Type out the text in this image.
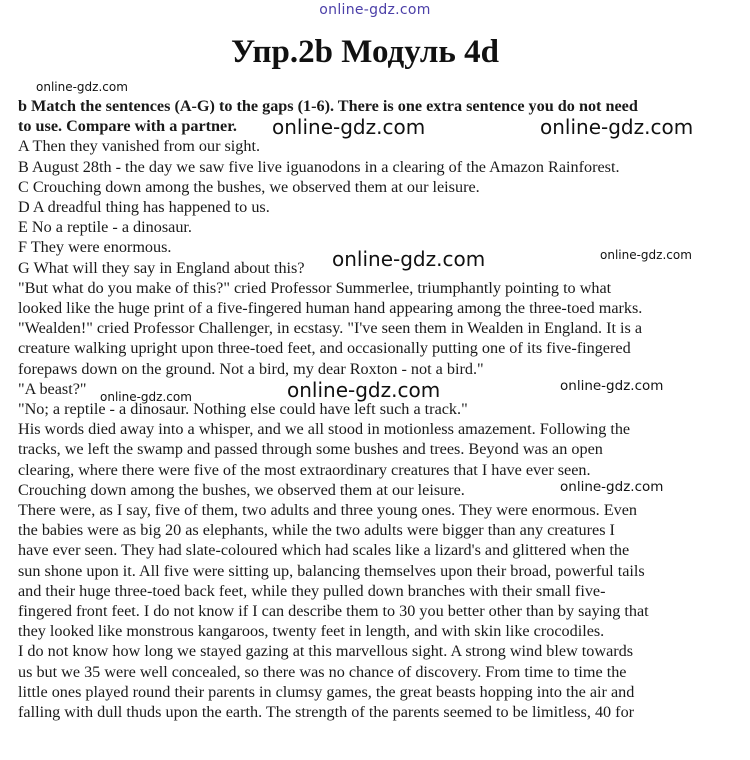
online-gdz.com
Упр.2b Модуль 4d
b Match the sentences (A-G) to the gaps (1-6). There is one extra sentence you do not need
to use. Compare with a partner.
A Then they vanished from our sight.
B August 28th - the day we saw five live iguanodons in a clearing of the Amazon Rainforest.
C Crouching down among the bushes, we observed them at our leisure.
D A dreadful thing has happened to us.
E No a reptile - a dinosaur.
F They were enormous.
G What will they say in England about this?
"But what do you make of this?" cried Professor Summerlee, triumphantly pointing to what
looked like the huge print of a five-fingered human hand appearing among the three-toed marks.
"Wealden!" cried Professor Challenger, in ecstasy. "I've seen them in Wealden in England. It is a
creature walking upright upon three-toed feet, and occasionally putting one of its five-fingered
forepaws down on the ground. Not a bird, my dear Roxton - not a bird."
"A beast?"
"No; a reptile - a dinosaur. Nothing else could have left such a track."
His words died away into a whisper, and we all stood in motionless amazement. Following the
tracks, we left the swamp and passed through some bushes and trees. Beyond was an open
clearing, where there were five of the most extraordinary creatures that I have ever seen.
Crouching down among the bushes, we observed them at our leisure.
There were, as I say, five of them, two adults and three young ones. They were enormous. Even
the babies were as big 20 as elephants, while the two adults were bigger than any creatures I
have ever seen. They had slate-coloured which had scales like a lizard's and glittered when the
sun shone upon it. All five were sitting up, balancing themselves upon their broad, powerful tails
and their huge three-toed back feet, while they pulled down branches with their small five-
fingered front feet. I do not know if I can describe them to 30 you better other than by saying that
they looked like monstrous kangaroos, twenty feet in length, and with skin like crocodiles.
I do not know how long we stayed gazing at this marvellous sight. A strong wind blew towards
us but we 35 were well concealed, so there was no chance of discovery. From time to time the
little ones played round their parents in clumsy games, the great beasts hopping into the air and
falling with dull thuds upon the earth. The strength of the parents seemed to be limitless, 40 for
online-gdz.com
online-gdz.com	online-gdz.com
online-gdz.com
online-gdz.com
online-gdz.com
online-gdz.com
online-gdz.com
online-gdz.com
